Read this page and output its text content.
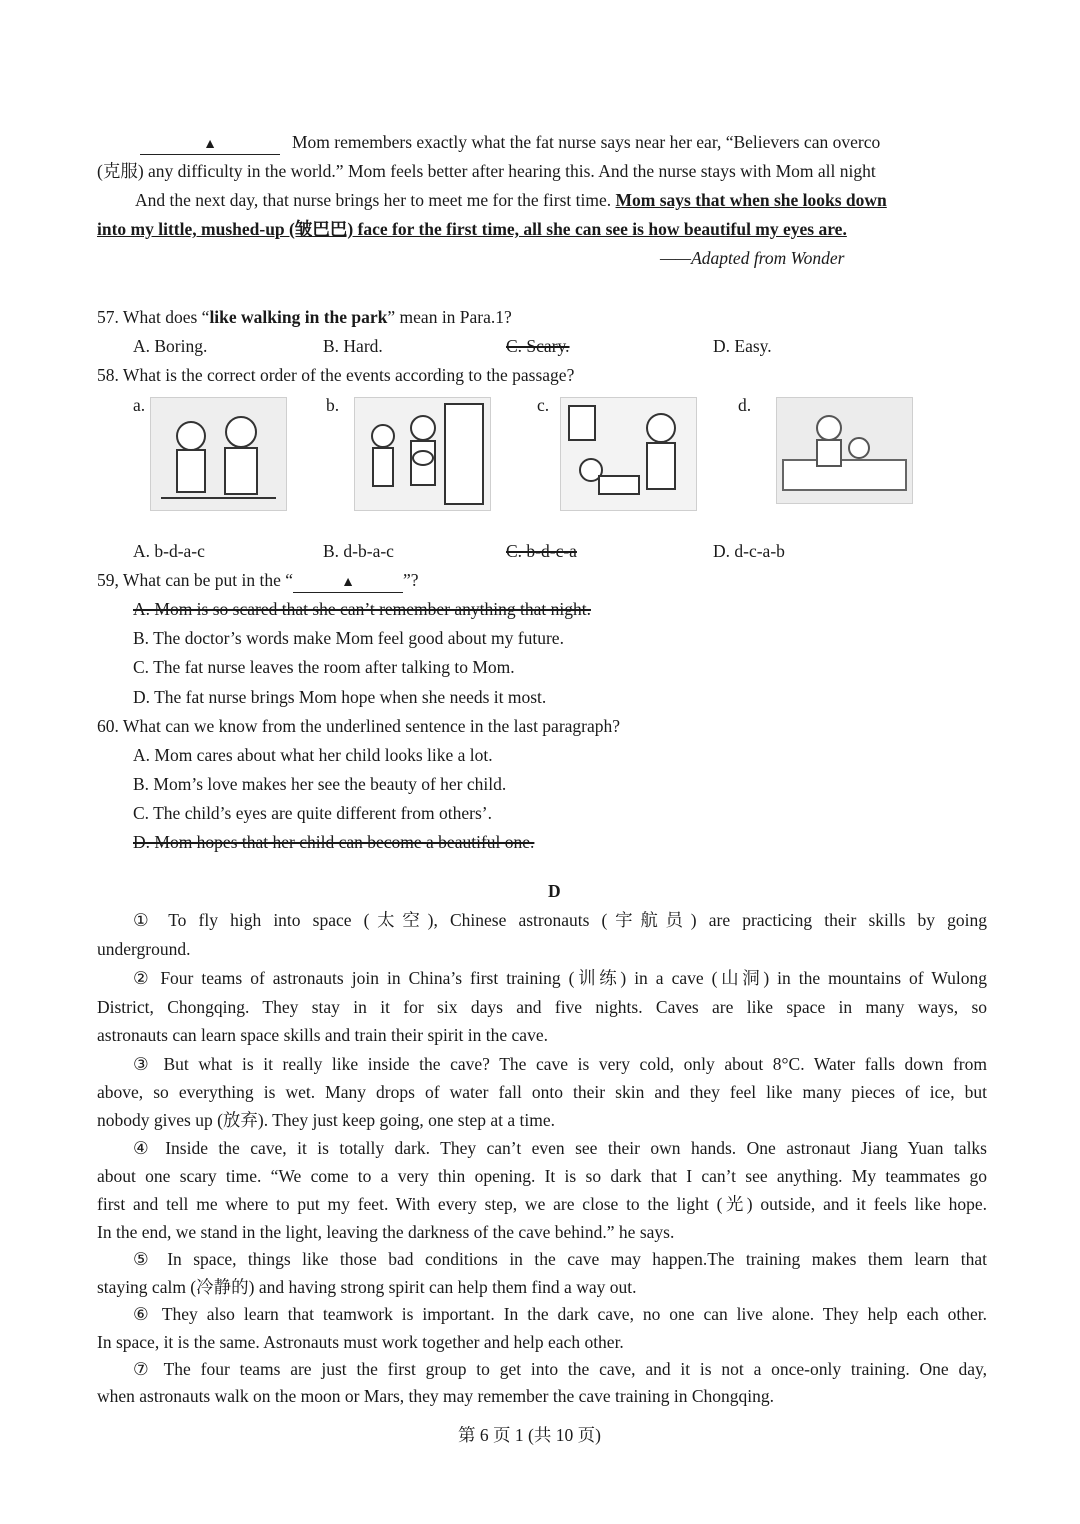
▲	Mom remembers exactly what the fat nurse says near her ear, “Believers can overco
(克服) any difficulty in the world.” Mom feels better after hearing this. And the nurse stays with Mom all night
And the next day, that nurse brings her to meet me for the first time. Mom says that when she looks down
into my little, mushed-up (皱巴巴) face for the first time, all she can see is how beautiful my eyes are.
——Adapted from Wonder
57. What does “like walking in the park” mean in Para.1?
A. Boring.	B. Hard.	C. Scary.	D. Easy.
58. What is the correct order of the events according to the passage?
a.	b.	c.	d.
A. b-d-a-c	B. d-b-a-c	C. b-d-c-a	D. d-c-a-b
59, What can be put in the “	▲	”?
A. Mom is so scared that she can’t remember anything that night.
B. The doctor’s words make Mom feel good about my future.
C. The fat nurse leaves the room after talking to Mom.
D. The fat nurse brings Mom hope when she needs it most.
60. What can we know from the underlined sentence in the last paragraph?
A. Mom cares about what her child looks like a lot.
B. Mom’s love makes her see the beauty of her child.
C. The child’s eyes are quite different from others’.
D. Mom hopes that her child can become a beautiful one.
D
① To fly high into space (太空), Chinese astronauts (宇航员) are practicing their skills by going
underground.
② Four teams of astronauts join in China’s first training (训练) in a cave (山洞) in the mountains of Wulong
District, Chongqing. They stay in it for six days and five nights. Caves are like space in many ways, so
astronauts can learn space skills and train their spirit in the cave.
③ But what is it really like inside the cave? The cave is very cold, only about 8°C. Water falls down from
above, so everything is wet. Many drops of water fall onto their skin and they feel like many pieces of ice, but
nobody gives up (放弃). They just keep going, one step at a time.
④ Inside the cave, it is totally dark. They can’t even see their own hands. One astronaut Jiang Yuan talks
about one scary time. “We come to a very thin opening. It is so dark that I can’t see anything. My teammates go
first and tell me where to put my feet. With every step, we are close to the light (光) outside, and it feels like hope.
In the end, we stand in the light, leaving the darkness of the cave behind.” he says.
⑤ In space, things like those bad conditions in the cave may happen.The training makes them learn that
staying calm (冷静的) and having strong spirit can help them find a way out.
⑥ They also learn that teamwork is important. In the dark cave, no one can live alone. They help each other.
In space, it is the same. Astronauts must work together and help each other.
⑦ The four teams are just the first group to get into the cave, and it is not a once-only training. One day,
when astronauts walk on the moon or Mars, they may remember the cave training in Chongqing.
第 6 页 1 (共 10 页)
